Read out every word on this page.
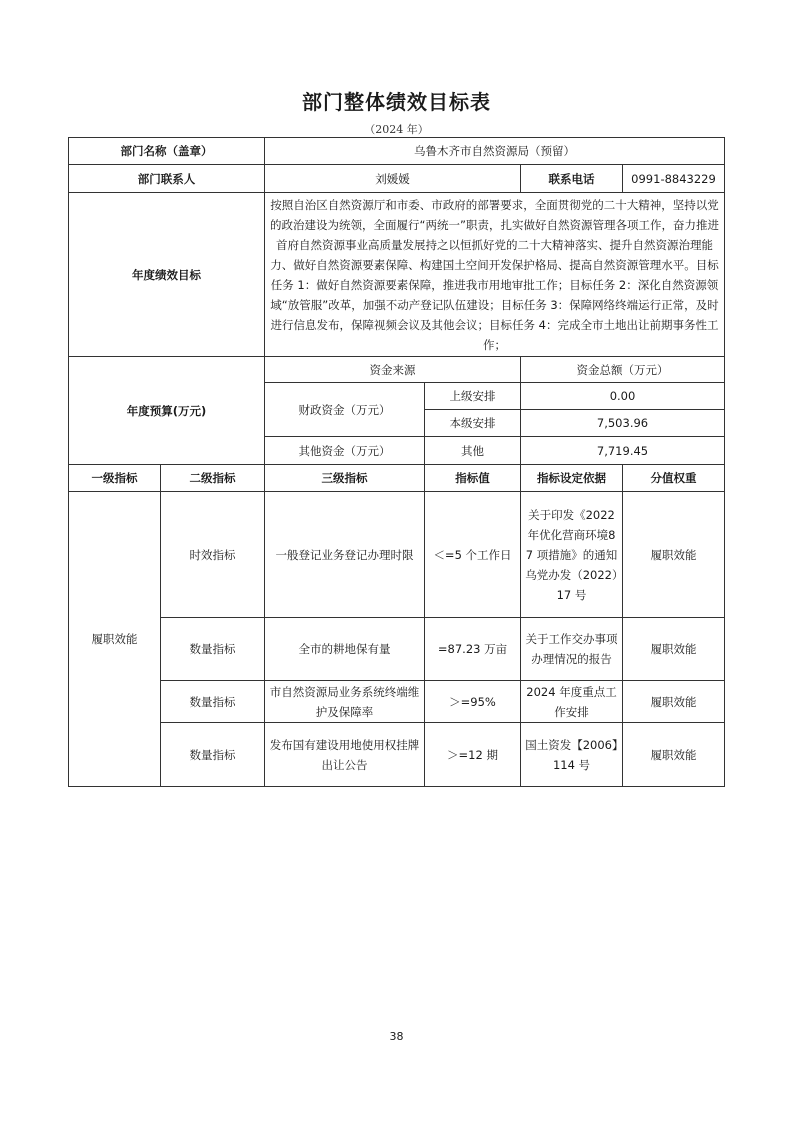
部门整体绩效目标表
（2024 年）
部门名称（盖章）		乌鲁木齐市自然资源局（预留）			
部门联系人		刘媛媛		联系电话	0991-8843229
年度绩效目标		按照自治区自然资源厅和市委、市政府的部署要求，全面贯彻党的二十大精神，坚持以党的政治建设为统领，全面履行“两统一”职责，扎实做好自然资源管理各项工作，奋力推进首府自然资源事业高质量发展持之以恒抓好党的二十大精神落实、提升自然资源治理能力、做好自然资源要素保障、构建国土空间开发保护格局、提高自然资源管理水平。目标任务 1：做好自然资源要素保障，推进我市用地审批工作；目标任务 2：深化自然资源领域“放管服”改革，加强不动产登记队伍建设；目标任务 3：保障网络终端运行正常，及时进行信息发布，保障视频会议及其他会议；目标任务 4：完成全市土地出让前期事务性工作；			
年度预算(万元)		资金来源		资金总额（万元）	
		财政资金（万元）	上级安排	0.00	
			本级安排	7,503.96	
		其他资金（万元）	其他	7,719.45	
一级指标	二级指标	三级指标	指标值	指标设定依据	分值权重
履职效能	时效指标	一般登记业务登记办理时限	＜=5 个工作日	关于印发《2022 年优化营商环境87 项措施》的通知乌党办发（2022）17 号	履职效能
	数量指标	全市的耕地保有量	=87.23 万亩	关于工作交办事项办理情况的报告	履职效能
	数量指标	市自然资源局业务系统终端维护及保障率	＞=95%	2024 年度重点工作安排	履职效能
	数量指标	发布国有建设用地使用权挂牌出让公告	＞=12 期	国土资发【2006】114 号	履职效能
38
